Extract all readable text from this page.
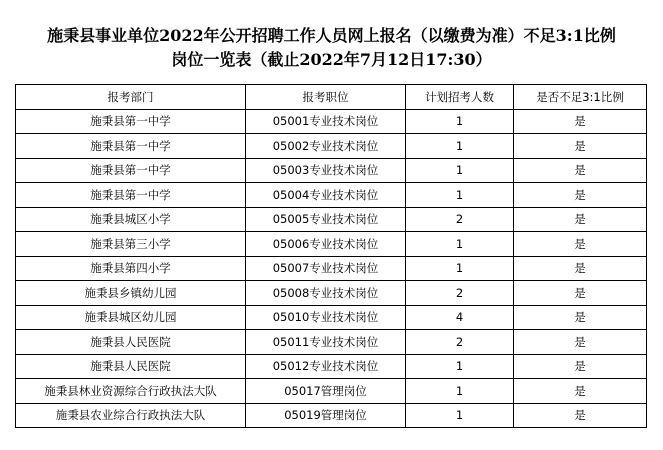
施秉县事业单位2022年公开招聘工作人员网上报名（以缴费为准）不足3:1比例
岗位一览表（截止2022年7月12日17:30）
报考部门	报考职位	计划招考人数	是否不足3:1比例
施秉县第一中学	05001专业技术岗位	1	是
施秉县第一中学	05002专业技术岗位	1	是
施秉县第一中学	05003专业技术岗位	1	是
施秉县第一中学	05004专业技术岗位	1	是
施秉县城区小学	05005专业技术岗位	2	是
施秉县第三小学	05006专业技术岗位	1	是
施秉县第四小学	05007专业技术岗位	1	是
施秉县乡镇幼儿园	05008专业技术岗位	2	是
施秉县城区幼儿园	05010专业技术岗位	4	是
施秉县人民医院	05011专业技术岗位	2	是
施秉县人民医院	05012专业技术岗位	1	是
施秉县林业资源综合行政执法大队	05017管理岗位	1	是
施秉县农业综合行政执法大队	05019管理岗位	1	是
